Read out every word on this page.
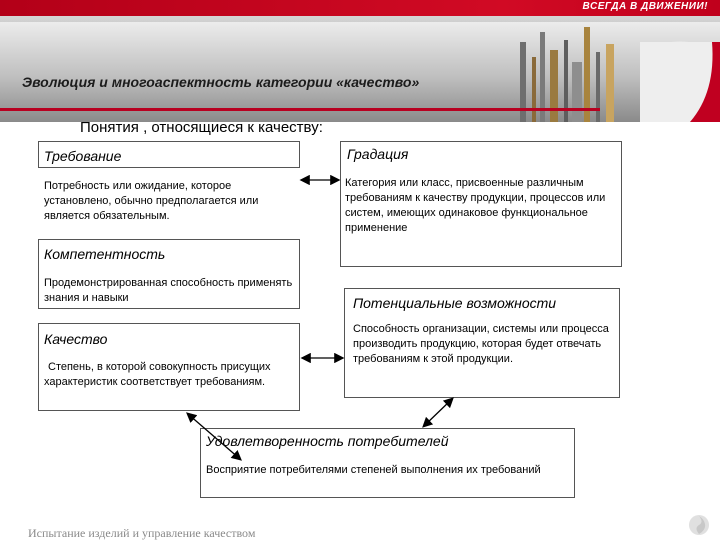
ВСЕГДА В ДВИЖЕНИИ!
Эволюция и многоаспектность категории «качество»
Понятия , относящиеся к качеству:
Требование
Потребность или ожидание, которое установлено, обычно предполагается или является обязательным.
Компетентность
Продемонстрированная способность применять знания и навыки
Качество
Степень, в которой совокупность присущих характеристик соответствует требованиям.
Градация
Категория или класс, присвоенные различным требованиям к качеству продукции, процессов или систем, имеющих одинаковое функциональное применение
Потенциальные возможности
Способность организации, системы или процесса производить продукцию, которая будет отвечать требованиям к этой продукции.
Удовлетворенность потребителей
Восприятие потребителями степеней выполнения их требований
Испытание изделий и управление качеством
